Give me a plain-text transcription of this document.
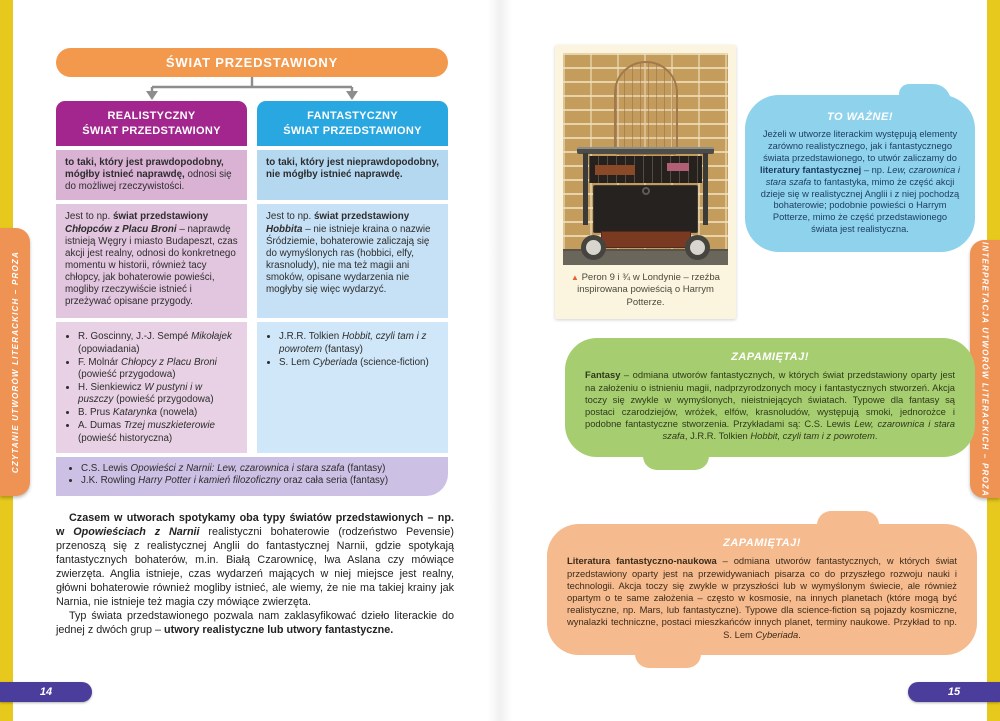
CZYTANIE UTWORÓW LITERACKICH – PROZA	INTERPRETACJA UTWORÓW LITERACKICH – PROZA
14	15
ŚWIAT PRZEDSTAWIONY
REALISTYCZNY
ŚWIAT PRZEDSTAWIONY
FANTASTYCZNY
ŚWIAT PRZEDSTAWIONY
to taki, który jest prawdopodobny, mógłby istnieć naprawdę, odnosi się do możliwej rzeczywistości.
to taki, który jest nieprawdopodobny, nie mógłby istnieć naprawdę.
Jest to np. świat przedstawiony Chłopców z Placu Broni – naprawdę istnieją Węgry i miasto Budapeszt, czas akcji jest realny, odnosi do konkretnego momentu w historii, również tacy chłopcy, jak bohaterowie powieści, mogliby rzeczywiście istnieć i przeżywać opisane przygody.
Jest to np. świat przedstawiony Hobbita – nie istnieje kraina o nazwie Śródziemie, bohaterowie zaliczają się do wymyślonych ras (hobbici, elfy, krasnoludy), nie ma też magii ani smoków, opisane wydarzenia nie mogłyby się więc wydarzyć.
• R. Goscinny, J.-J. Sempé Mikołajek (opowiadania)
• F. Molnár Chłopcy z Placu Broni (powieść przygodowa)
• H. Sienkiewicz W pustyni i w puszczy (powieść przygodowa)
• B. Prus Katarynka (nowela)
• A. Dumas Trzej muszkieterowie (powieść historyczna)
• J.R.R. Tolkien Hobbit, czyli tam i z powrotem (fantasy)
• S. Lem Cyberiada (science-fiction)
• C.S. Lewis Opowieści z Narnii: Lew, czarownica i stara szafa (fantasy)
• J.K. Rowling Harry Potter i kamień filozoficzny oraz cała seria (fantasy)

Czasem w utworach spotykamy oba typy światów przedstawionych – np. w Opowieściach z Narnii realistyczni bohaterowie (rodzeństwo Pevensie) przenoszą się z realistycznej Anglii do fantastycznej Narnii, gdzie spotykają fantastycznych bohaterów, m.in. Białą Czarownicę, lwa Aslana czy mówiące zwierzęta. Anglia istnieje, czas wydarzeń mających w niej miejsce jest realny, główni bohaterowie również mogliby istnieć, ale wiemy, że nie ma takiej krainy jak Narnia, nie istnieje też magia czy mówiące zwierzęta.

Typ świata przedstawionego pozwala nam zaklasyfikować dzieło literackie do jednej z dwóch grup – utwory realistyczne lub utwory fantastyczne.

▲ Peron 9 i ¾ w Londynie – rzeźba inspirowana powieścią o Harrym Potterze.
TO WAŻNE!
Jeżeli w utworze literackim występują elementy zarówno realistycznego, jak i fantastycznego świata przedstawionego, to utwór zaliczamy do literatury fantastycznej – np. Lew, czarownica i stara szafa to fantastyka, mimo że część akcji dzieje się w realistycznej Anglii i z niej pochodzą bohaterowie; podobnie powieści o Harrym Potterze, mimo że część przedstawionego świata jest realistyczna.
ZAPAMIĘTAJ!
Fantasy – odmiana utworów fantastycznych, w których świat przedstawiony oparty jest na założeniu o istnieniu magii, nadprzyrodzonych mocy i fantastycznych stworzeń. Akcja toczy się zwykle w wymyślonych, nieistniejących światach. Typowe dla fantasy są postaci czarodziejów, wróżek, elfów, krasnoludów, występują smoki, jednorożce i podobne fantastyczne stworzenia. Przykładami są: C.S. Lewis Lew, czarownica i stara szafa, J.R.R. Tolkien Hobbit, czyli tam i z powrotem.
ZAPAMIĘTAJ!
Literatura fantastyczno-naukowa – odmiana utworów fantastycznych, w których świat przedstawiony oparty jest na przewidywaniach pisarza co do przyszłego rozwoju nauki i technologii. Akcja toczy się zwykle w przyszłości lub w wymyślonym świecie, ale również opartym o te same założenia – często w kosmosie, na innych planetach (które mogą być realistyczne, np. Mars, lub fantastyczne). Typowe dla science-fiction są pojazdy kosmiczne, wynalazki techniczne, postaci mieszkańców innych planet, terminy naukowe. Przykład to np. S. Lem Cyberiada.
